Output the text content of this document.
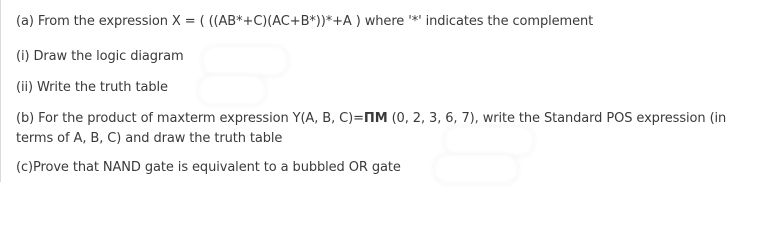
(a) From the expression X = ( ((AB*+C)(AC+B*))*+A ) where '*' indicates the complement
(i) Draw the logic diagram
(ii) Write the truth table
(b) For the product of maxterm expression Y(A, B, C)=ΠM (0, 2, 3, 6, 7), write the Standard POS expression (in
terms of A, B, C) and draw the truth table
(c)Prove that NAND gate is equivalent to a bubbled OR gate
